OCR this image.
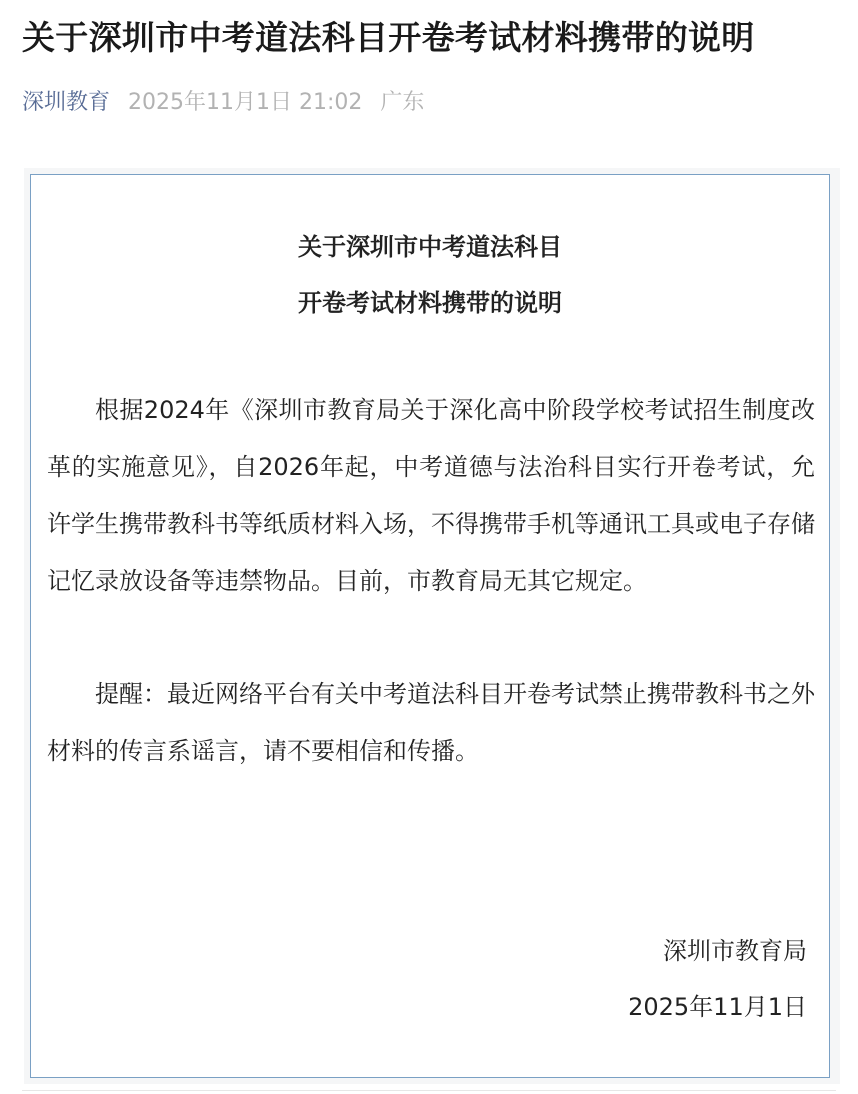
关于深圳市中考道法科目开卷考试材料携带的说明
深圳教育 2025年11月1日 21:02 广东
关于深圳市中考道法科目
开卷考试材料携带的说明

根据2024年《深圳市教育局关于深化高中阶段学校考试招生制度改革的实施意见》，自2026年起，中考道德与法治科目实行开卷考试，允许学生携带教科书等纸质材料入场，不得携带手机等通讯工具或电子存储记忆录放设备等违禁物品。目前，市教育局无其它规定。

提醒：最近网络平台有关中考道法科目开卷考试禁止携带教科书之外材料的传言系谣言，请不要相信和传播。

深圳市教育局
2025年11月1日
